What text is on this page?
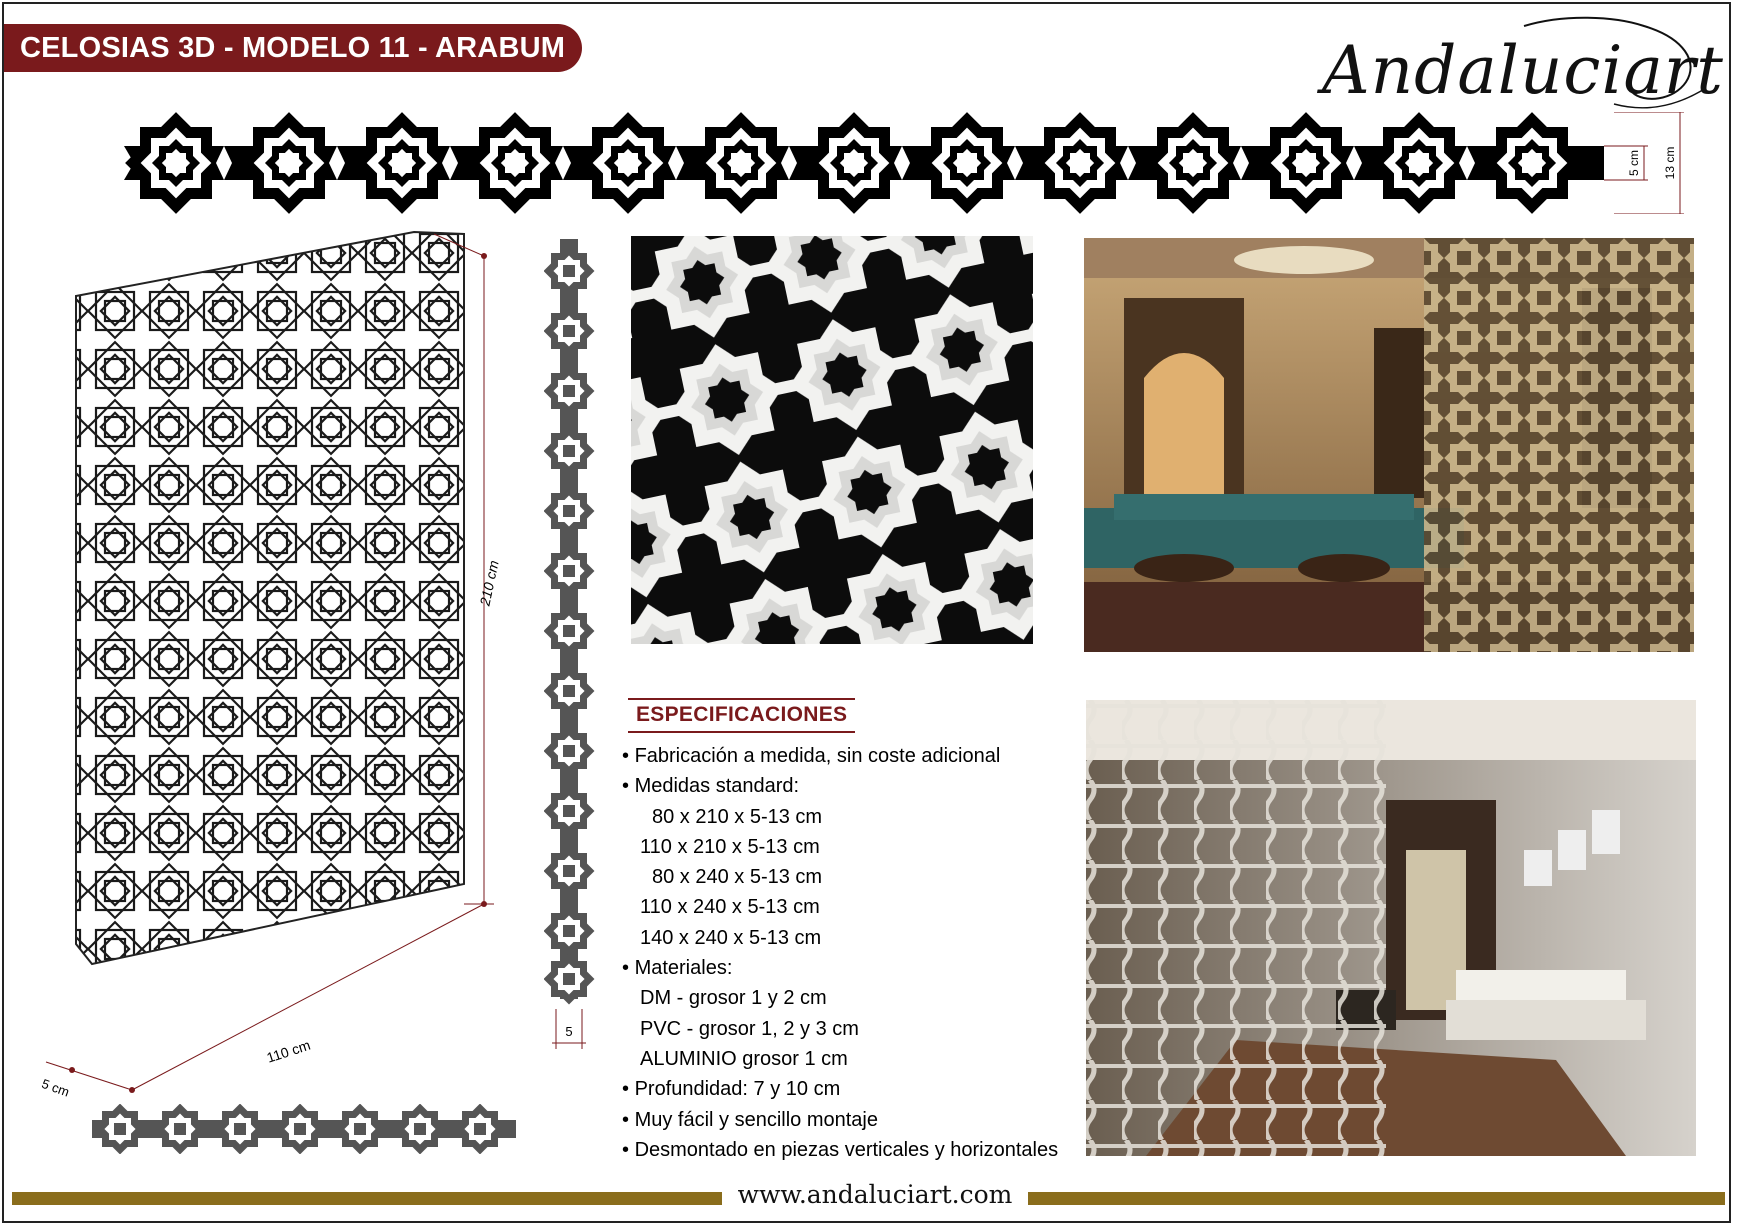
CELOSIAS 3D - MODELO 11 - ARABUM	Andaluciart
5 cm 13 cm
210 cm
110 cm
5 cm
5
ESPECIFICACIONES
• Fabricación a medida, sin coste adicional
• Medidas standard:
80 x 210 x 5-13 cm
110 x 210 x 5-13 cm
80 x 240 x 5-13 cm
110 x 240 x 5-13 cm
140 x 240 x 5-13 cm
• Materiales:
DM - grosor 1 y 2 cm
PVC - grosor 1, 2 y 3 cm
ALUMINIO grosor 1 cm
• Profundidad: 7 y 10 cm
• Muy fácil y sencillo montaje
• Desmontado en piezas verticales y horizontales
www.andaluciart.com
